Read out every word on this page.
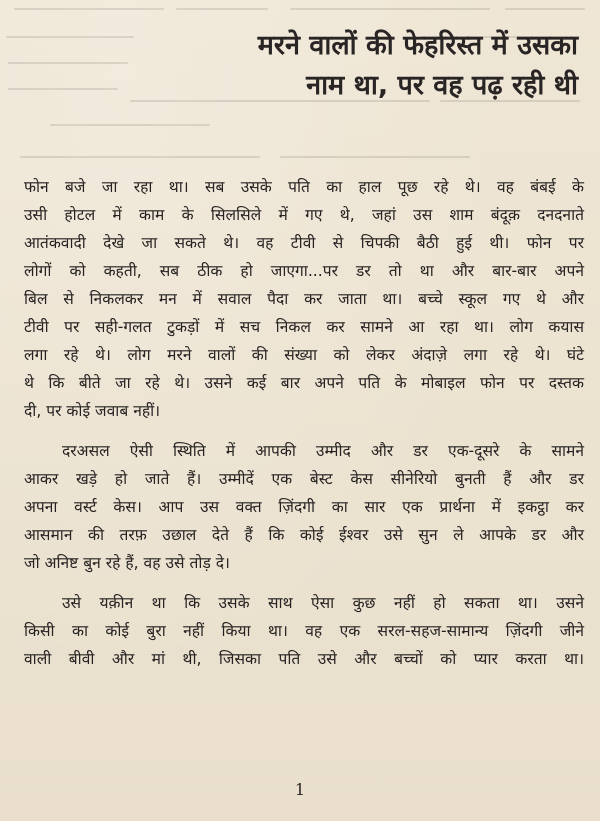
मरने वालों की फेहरिस्त में उसका
नाम था, पर वह पढ़ रही थी

फोन बजे जा रहा था। सब उसके पति का हाल पूछ रहे थे। वह बंबई के
उसी होटल में काम के सिलसिले में गए थे, जहां उस शाम बंदूक़ दनदनाते
आतंकवादी देखे जा सकते थे। वह टीवी से चिपकी बैठी हुई थी। फोन पर
लोगों को कहती, सब ठीक हो जाएगा...पर डर तो था और बार-बार अपने
बिल से निकलकर मन में सवाल पैदा कर जाता था। बच्चे स्कूल गए थे और
टीवी पर सही-गलत टुकड़ों में सच निकल कर सामने आ रहा था। लोग कयास
लगा रहे थे। लोग मरने वालों की संख्या को लेकर अंदाज़े लगा रहे थे। घंटे
थे कि बीते जा रहे थे। उसने कई बार अपने पति के मोबाइल फोन पर दस्तक
दी, पर कोई जवाब नहीं।

दरअसल ऐसी स्थिति में आपकी उम्मीद और डर एक-दूसरे के सामने
आकर खड़े हो जाते हैं। उम्मीदें एक बेस्ट केस सीनेरियो बुनती हैं और डर
अपना वर्स्ट केस। आप उस वक्त ज़िंदगी का सार एक प्रार्थना में इकट्ठा कर
आसमान की तरफ़ उछाल देते हैं कि कोई ईश्वर उसे सुन ले आपके डर और
जो अनिष्ट बुन रहे हैं, वह उसे तोड़ दे।

उसे यक़ीन था कि उसके साथ ऐसा कुछ नहीं हो सकता था। उसने
किसी का कोई बुरा नहीं किया था। वह एक सरल-सहज-सामान्य ज़िंदगी जीने
वाली बीवी और मां थी, जिसका पति उसे और बच्चों को प्यार करता था।

1
